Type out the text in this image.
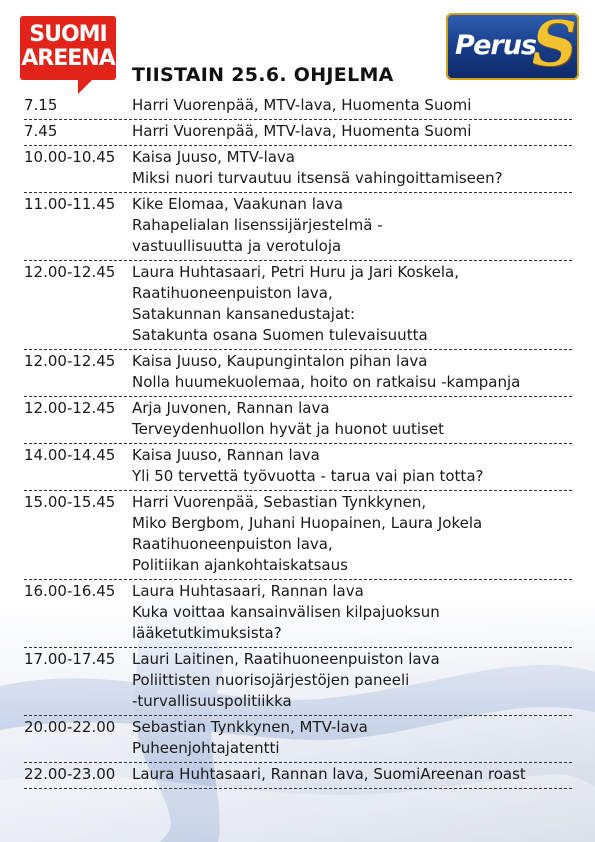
SUOMI
AREENA	Perus
S
TIISTAIN 25.6. OHJELMA
7.15	Harri Vuorenpää, MTV-lava, Huomenta Suomi
7.45	Harri Vuorenpää, MTV-lava, Huomenta Suomi
10.00-10.45	Kaisa Juuso, MTV-lava
Miksi nuori turvautuu itsensä vahingoittamiseen?
11.00-11.45	Kike Elomaa, Vaakunan lava
Rahapelialan lisenssijärjestelmä -
vastuullisuutta ja verotuloja
12.00-12.45	Laura Huhtasaari, Petri Huru ja Jari Koskela,
Raatihuoneenpuiston lava,
Satakunnan kansanedustajat:
Satakunta osana Suomen tulevaisuutta
12.00-12.45	Kaisa Juuso, Kaupungintalon pihan lava
Nolla huumekuolemaa, hoito on ratkaisu -kampanja
12.00-12.45	Arja Juvonen, Rannan lava
Terveydenhuollon hyvät ja huonot uutiset
14.00-14.45	Kaisa Juuso, Rannan lava
Yli 50 tervettä työvuotta - tarua vai pian totta?
15.00-15.45	Harri Vuorenpää, Sebastian Tynkkynen,
Miko Bergbom, Juhani Huopainen, Laura Jokela
Raatihuoneenpuiston lava,
Politiikan ajankohtaiskatsaus
16.00-16.45	Laura Huhtasaari, Rannan lava
Kuka voittaa kansainvälisen kilpajuoksun
lääketutkimuksista?
17.00-17.45	Lauri Laitinen, Raatihuoneenpuiston lava
Poliittisten nuorisojärjestöjen paneeli
-turvallisuuspolitiikka
20.00-22.00	Sebastian Tynkkynen, MTV-lava
Puheenjohtajatentti
22.00-23.00	Laura Huhtasaari, Rannan lava, SuomiAreenan roast
